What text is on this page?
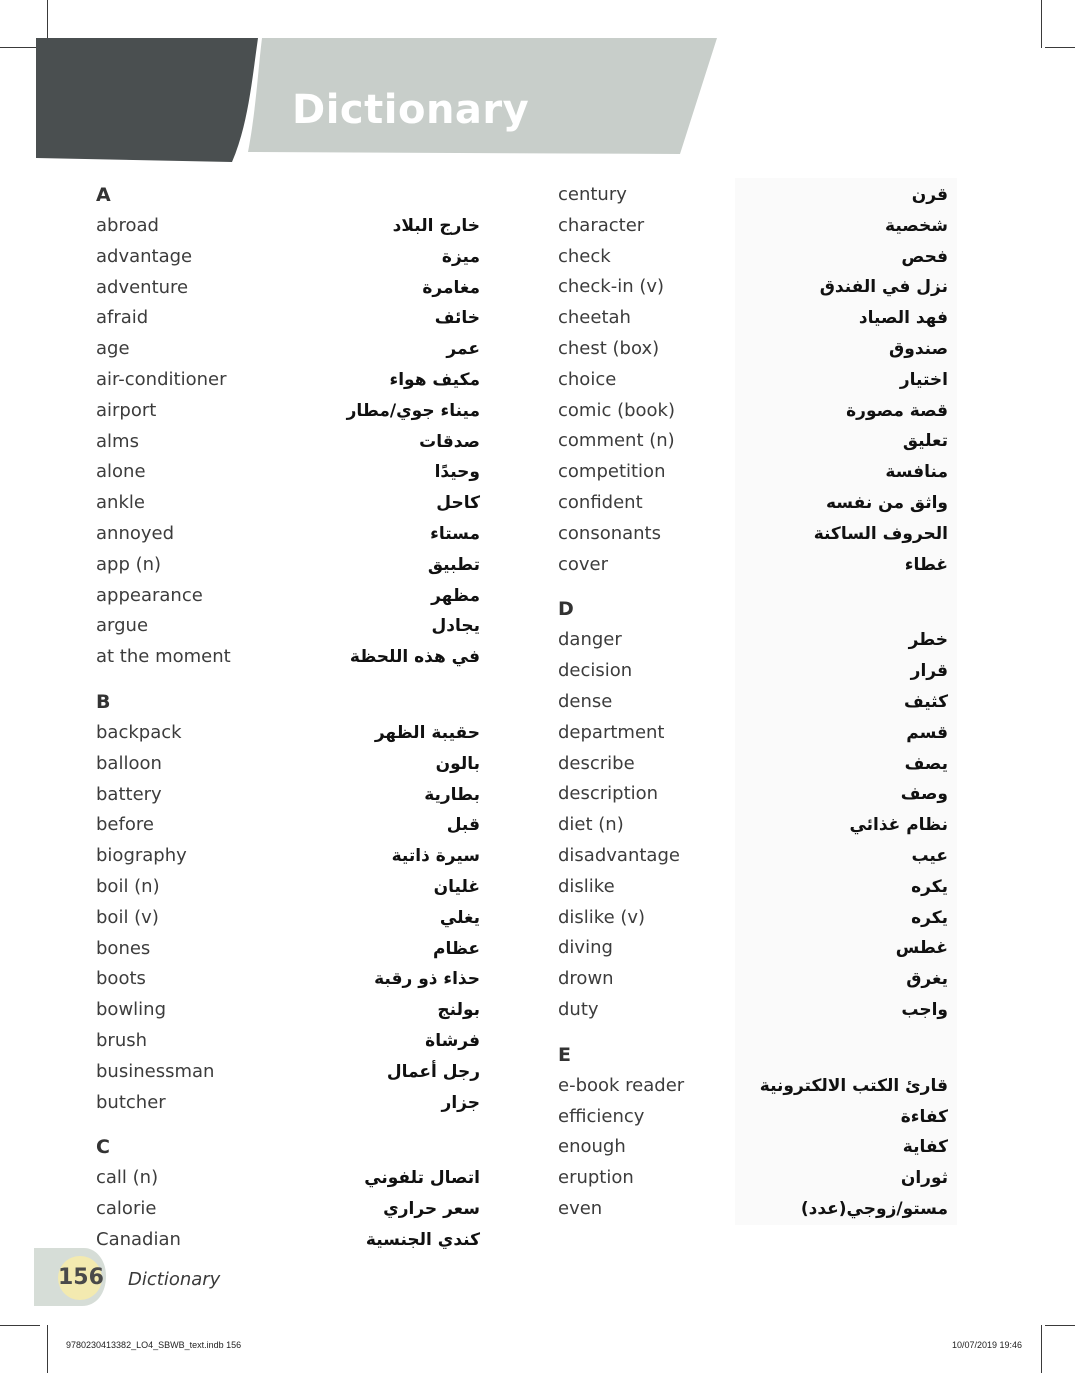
Dictionary
A
abroad	خارج البلاد
advantage	ميزة
adventure	مغامرة
afraid	خائف
age	عمر
air-conditioner	مكيف هواء
airport	ميناء جوي/مطار
alms	صدقات
alone	وحيدًا
ankle	كاحل
annoyed	مستاء
app (n)	تطبيق
appearance	مظهر
argue	يجادل
at the moment	في هذه اللحظة
B
backpack	حقيبة الظهر
balloon	بالون
battery	بطارية
before	قبل
biography	سيرة ذاتية
boil (n)	غليان
boil (v)	يغلي
bones	عظام
boots	حذاء ذو رقبة
bowling	بولنج
brush	فرشاة
businessman	رجل أعمال
butcher	جزار
C
call (n)	اتصال تلفوني
calorie	سعر حراري
Canadian	كندي الجنسية
century	قرن
character	شخصية
check	فحص
check-in (v)	نزل في الفندق
cheetah	فهد الصياد
chest (box)	صندوق
choice	اختيار
comic (book)	قصة مصورة
comment (n)	تعليق
competition	منافسة
confident	واثق من نفسه
consonants	الحروف الساكنة
cover	غطاء
D
danger	خطر
decision	قرار
dense	كثيف
department	قسم
describe	يصف
description	وصف
diet (n)	نظام غذائي
disadvantage	عيب
dislike	يكره
dislike (v)	يكره
diving	غطس
drown	يغرق
duty	واجب
E
e-book reader	قارئ الكتب الالكترونية
efficiency	كفاءة
enough	كفاية
eruption	ثوران
even	مستو/زوجي(عدد)
156 Dictionary
9780230413382_LO4_SBWB_text.indb 156	10/07/2019 19:46
